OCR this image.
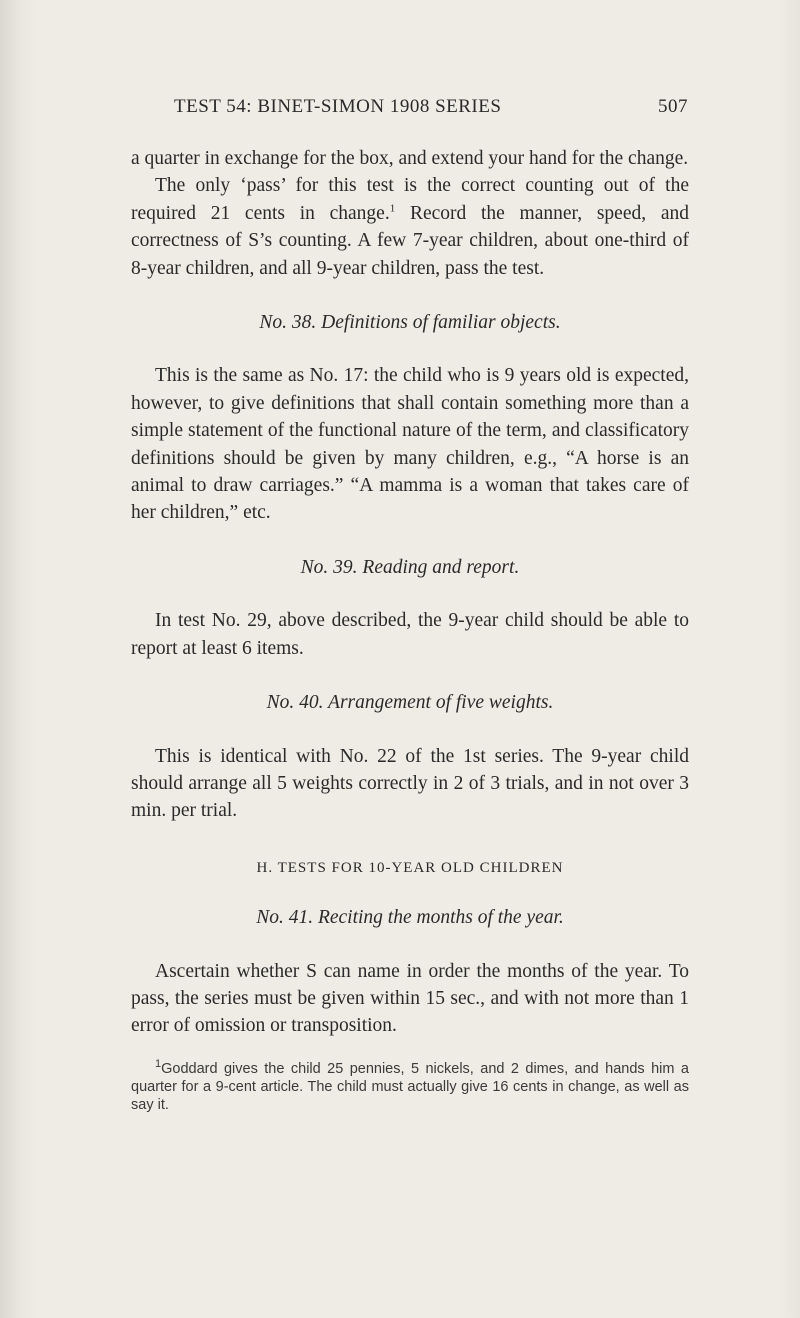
TEST 54: BINET-SIMON 1908 SERIES	507

a quarter in exchange for the box, and extend your hand for the change.

The only ‘pass’ for this test is the correct counting out of the required 21 cents in change.$^1$ Record the manner, speed, and correctness of S’s counting. A few 7-year children, about one-third of 8-year children, and all 9-year children, pass the test.

No. 38. Definitions of familiar objects.

This is the same as No. 17: the child who is 9 years old is expected, however, to give definitions that shall contain something more than a simple statement of the functional nature of the term, and classificatory definitions should be given by many children, e.g., “A horse is an animal to draw carriages.” “A mamma is a woman that takes care of her children,” etc.

No. 39. Reading and report.

In test No. 29, above described, the 9-year child should be able to report at least 6 items.

No. 40. Arrangement of five weights.

This is identical with No. 22 of the 1st series. The 9-year child should arrange all 5 weights correctly in 2 of 3 trials, and in not over 3 min. per trial.

H. TESTS FOR 10-YEAR OLD CHILDREN

No. 41. Reciting the months of the year.

Ascertain whether S can name in order the months of the year. To pass, the series must be given within 15 sec., and with not more than 1 error of omission or transposition.

$^1$Goddard gives the child 25 pennies, 5 nickels, and 2 dimes, and hands him a quarter for a 9-cent article. The child must actually give 16 cents in change, as well as say it.
